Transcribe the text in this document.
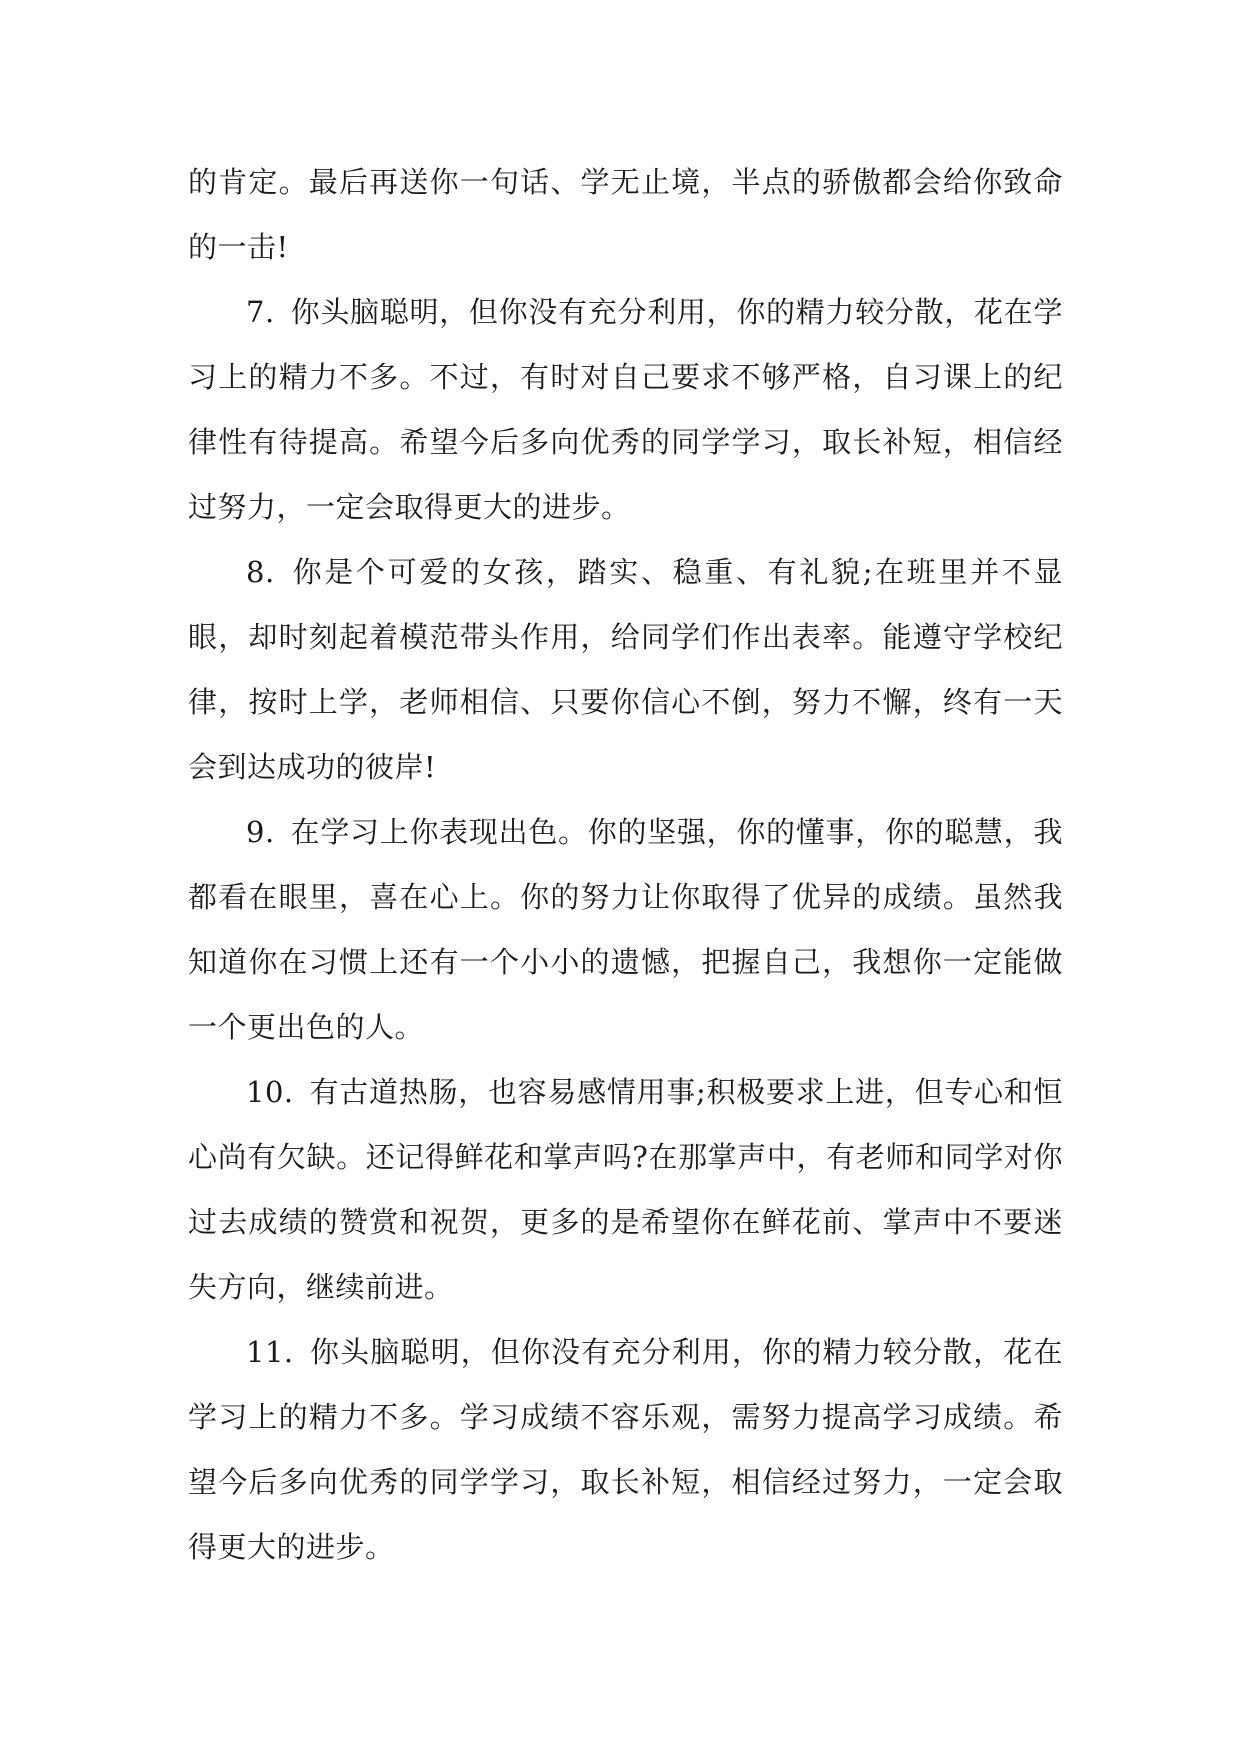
的肯定。最后再送你一句话、学无止境，半点的骄傲都会给你致命的一击!

7. 你头脑聪明，但你没有充分利用，你的精力较分散，花在学习上的精力不多。不过，有时对自己要求不够严格，自习课上的纪律性有待提高。希望今后多向优秀的同学学习，取长补短，相信经过努力，一定会取得更大的进步。

8. 你是个可爱的女孩，踏实、稳重、有礼貌;在班里并不显眼，却时刻起着模范带头作用，给同学们作出表率。能遵守学校纪律，按时上学，老师相信、只要你信心不倒，努力不懈，终有一天会到达成功的彼岸!

9. 在学习上你表现出色。你的坚强，你的懂事，你的聪慧，我都看在眼里，喜在心上。你的努力让你取得了优异的成绩。虽然我知道你在习惯上还有一个小小的遗憾，把握自己，我想你一定能做一个更出色的人。

10. 有古道热肠，也容易感情用事;积极要求上进，但专心和恒心尚有欠缺。还记得鲜花和掌声吗?在那掌声中，有老师和同学对你过去成绩的赞赏和祝贺，更多的是希望你在鲜花前、掌声中不要迷失方向，继续前进。

11. 你头脑聪明，但你没有充分利用，你的精力较分散，花在学习上的精力不多。学习成绩不容乐观，需努力提高学习成绩。希望今后多向优秀的同学学习，取长补短，相信经过努力，一定会取得更大的进步。
